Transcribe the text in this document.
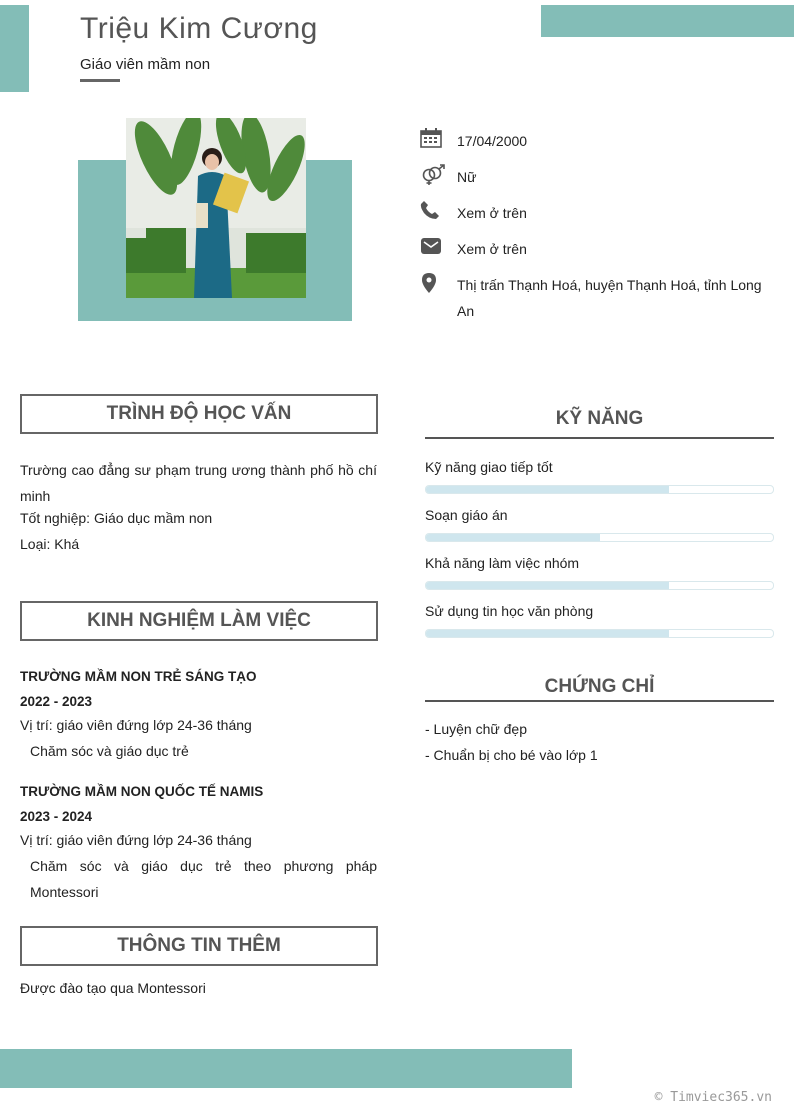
Triệu Kim Cương
Giáo viên mầm non
17/04/2000
Nữ
Xem ở trên
Xem ở trên
Thị trấn Thạnh Hoá, huyện Thạnh Hoá, tỉnh Long An
TRÌNH ĐỘ HỌC VẤN
Trường cao đẳng sư phạm trung ương thành phố hồ chí minh
Tốt nghiệp: Giáo dục mầm non
Loại: Khá
KINH NGHIỆM LÀM VIỆC
TRƯỜNG MẦM NON TRẺ SÁNG TẠO
2022 - 2023
Vị trí: giáo viên đứng lớp 24-36 tháng
Chăm sóc và giáo dục trẻ
TRƯỜNG MẦM NON QUỐC TẾ NAMIS
2023 - 2024
Vị trí: giáo viên đứng lớp 24-36 tháng
Chăm sóc và giáo dục trẻ theo phương pháp Montessori
THÔNG TIN THÊM
Được đào tạo qua Montessori
KỸ NĂNG
Kỹ năng giao tiếp tốt
Soạn giáo án
Khả năng làm việc nhóm
Sử dụng tin học văn phòng
CHỨNG CHỈ
- Luyện chữ đẹp
- Chuẩn bị cho bé vào lớp 1
© Timviec365.vn
